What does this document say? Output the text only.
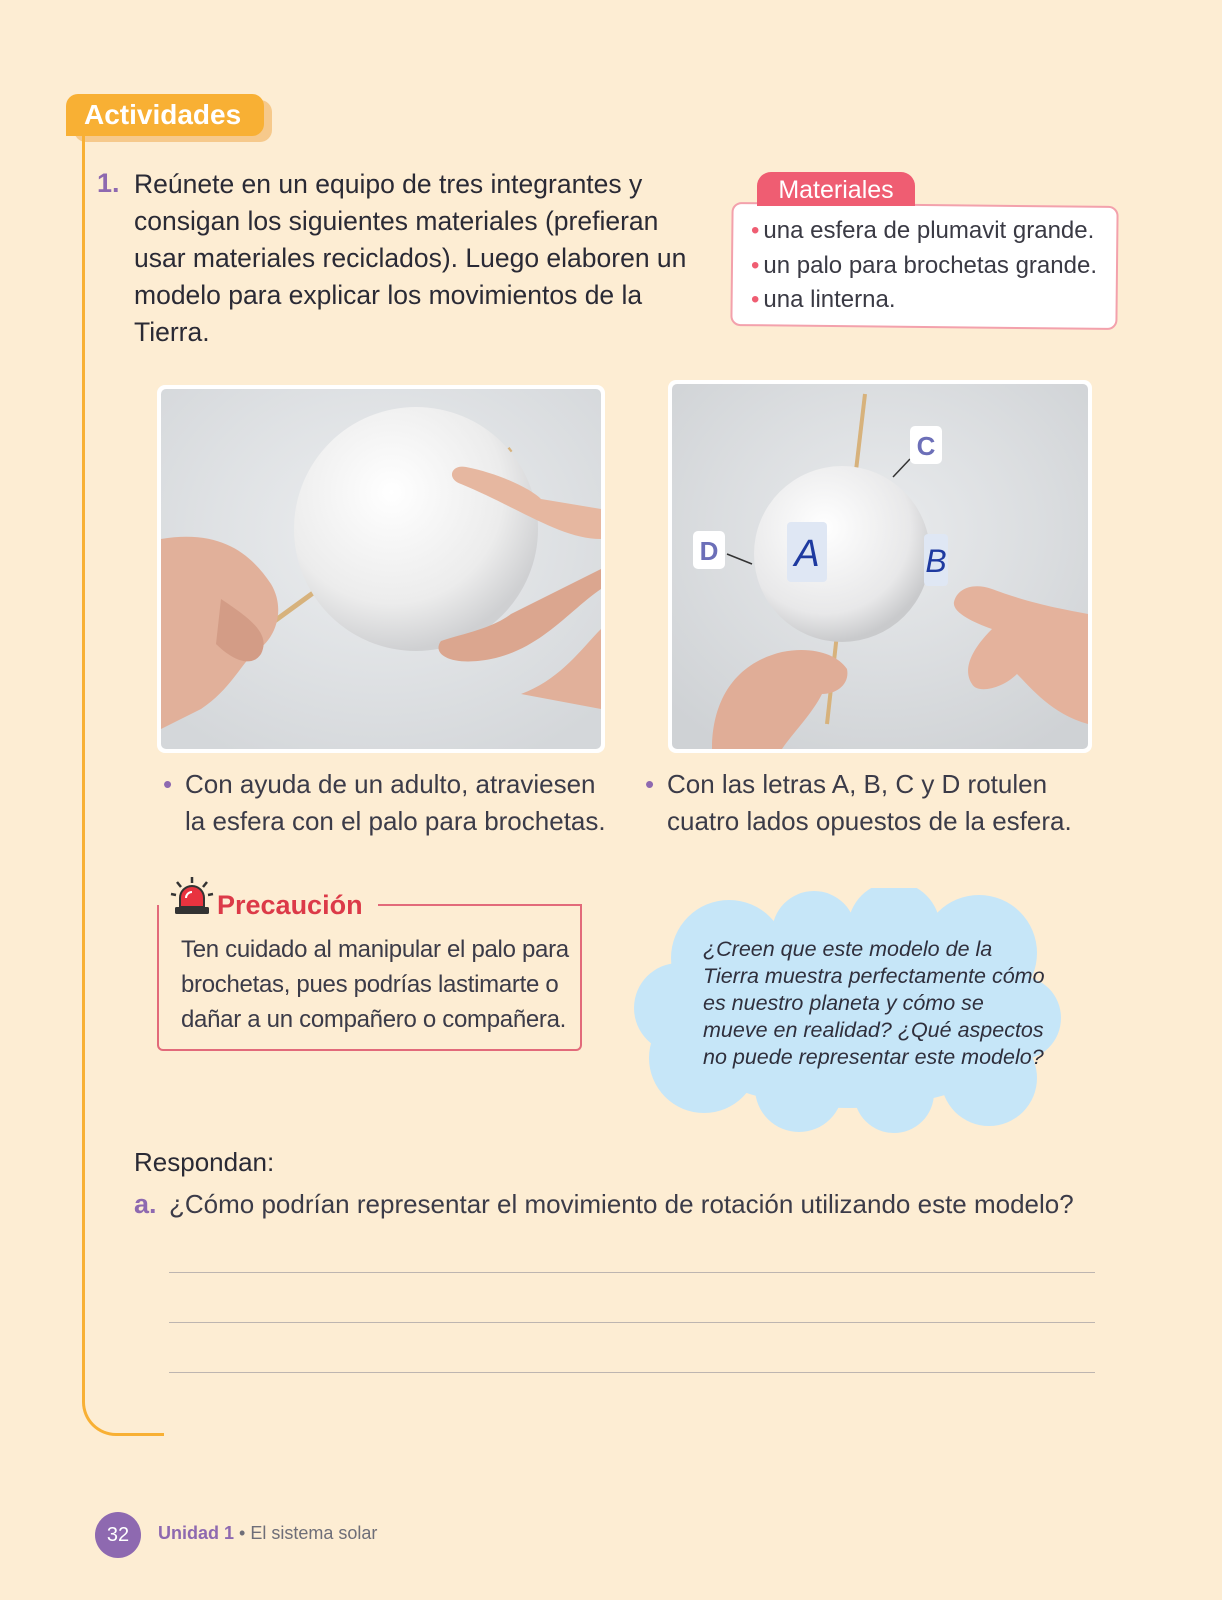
Actividades
1. Reúnete en un equipo de tres integrantes y consigan los siguientes materiales (prefieran usar materiales reciclados). Luego elaboren un modelo para explicar los movimientos de la Tierra.
Materiales
• una esfera de plumavit grande.
• un palo para brochetas grande.
• una linterna.
A	B
C
D
• Con ayuda de un adulto, atraviesen la esfera con el palo para brochetas.
• Con las letras A, B, C y D rotulen cuatro lados opuestos de la esfera.
Precaución
Ten cuidado al manipular el palo para brochetas, pues podrías lastimarte o dañar a un compañero o compañera.
¿Creen que este modelo de la Tierra muestra perfectamente cómo es nuestro planeta y cómo se mueve en realidad? ¿Qué aspectos no puede representar este modelo?
Respondan:
a. ¿Cómo podrían representar el movimiento de rotación utilizando este modelo?
32	Unidad 1 • El sistema solar
